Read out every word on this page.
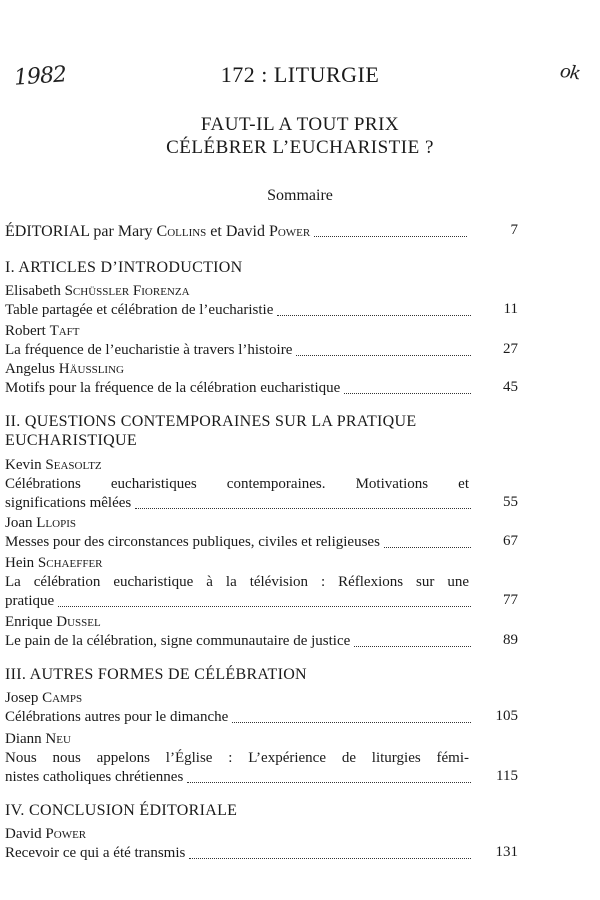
1982	ok
172 : LITURGIE
FAUT-IL A TOUT PRIX
CÉLÉBRER L’EUCHARISTIE ?
Sommaire
ÉDITORIAL par Mary Collins et David Power	7
I. ARTICLES D’INTRODUCTION
Elisabeth Schüssler Fiorenza
Table partagée et célébration de l’eucharistie	11
Robert Taft
La fréquence de l’eucharistie à travers l’histoire	27
Angelus Häussling
Motifs pour la fréquence de la célébration eucharistique	45
II. QUESTIONS CONTEMPORAINES SUR LA PRATIQUE EUCHARISTIQUE
Kevin Seasoltz
Célébrations eucharistiques contemporaines. Motivations et
significations mêlées	55
Joan Llopis
Messes pour des circonstances publiques, civiles et religieuses	67
Hein Schaeffer
La célébration eucharistique à la télévision : Réflexions sur une
pratique	77
Enrique Dussel
Le pain de la célébration, signe communautaire de justice	89
III. AUTRES FORMES DE CÉLÉBRATION
Josep Camps
Célébrations autres pour le dimanche	105
Diann Neu
Nous nous appelons l’Église : L’expérience de liturgies fémi-
nistes catholiques chrétiennes	115
IV. CONCLUSION ÉDITORIALE
David Power
Recevoir ce qui a été transmis	131
